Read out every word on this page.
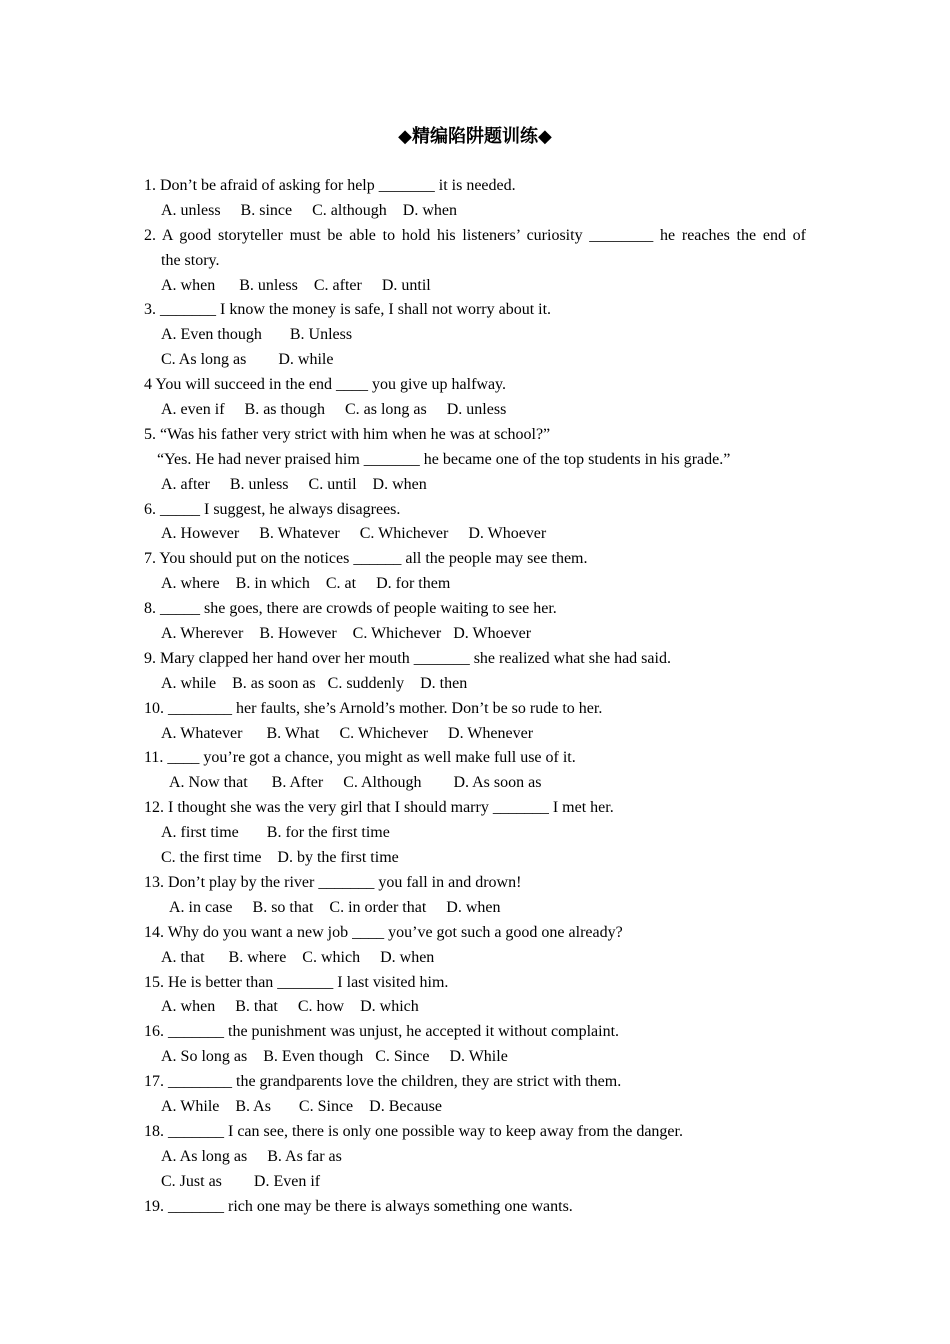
◆精编陷阱题训练◆
1. Don’t be afraid of asking for help _______ it is needed.
A. unless     B. since     C. although    D. when
2. A good storyteller must be able to hold his listeners’ curiosity ________ he reaches the end of
the story.
A. when      B. unless    C. after     D. until
3. _______ I know the money is safe, I shall not worry about it.
A. Even though       B. Unless
C. As long as        D. while
4 You will succeed in the end ____ you give up halfway.
A. even if     B. as though     C. as long as     D. unless
5. “Was his father very strict with him when he was at school?”
“Yes. He had never praised him _______ he became one of the top students in his grade.”
A. after     B. unless     C. until    D. when
6. _____ I suggest, he always disagrees.
A. However     B. Whatever     C. Whichever     D. Whoever
7. You should put on the notices ______ all the people may see them.
A. where    B. in which    C. at     D. for them
8. _____ she goes, there are crowds of people waiting to see her.
A. Wherever    B. However    C. Whichever   D. Whoever
9. Mary clapped her hand over her mouth _______ she realized what she had said.
A. while    B. as soon as   C. suddenly    D. then
10. ________ her faults, she’s Arnold’s mother. Don’t be so rude to her.
A. Whatever      B. What     C. Whichever     D. Whenever
11. ____ you’re got a chance, you might as well make full use of it.
A. Now that      B. After     C. Although        D. As soon as
12. I thought she was the very girl that I should marry _______ I met her.
A. first time       B. for the first time
C. the first time    D. by the first time
13. Don’t play by the river _______ you fall in and drown!
A. in case     B. so that    C. in order that     D. when
14. Why do you want a new job ____ you’ve got such a good one already?
A. that      B. where    C. which     D. when
15. He is better than _______ I last visited him.
A. when     B. that     C. how    D. which
16. _______ the punishment was unjust, he accepted it without complaint.
A. So long as    B. Even though   C. Since     D. While
17. ________ the grandparents love the children, they are strict with them.
A. While    B. As       C. Since    D. Because
18. _______ I can see, there is only one possible way to keep away from the danger.
A. As long as     B. As far as
C. Just as        D. Even if
19. _______ rich one may be there is always something one wants.
